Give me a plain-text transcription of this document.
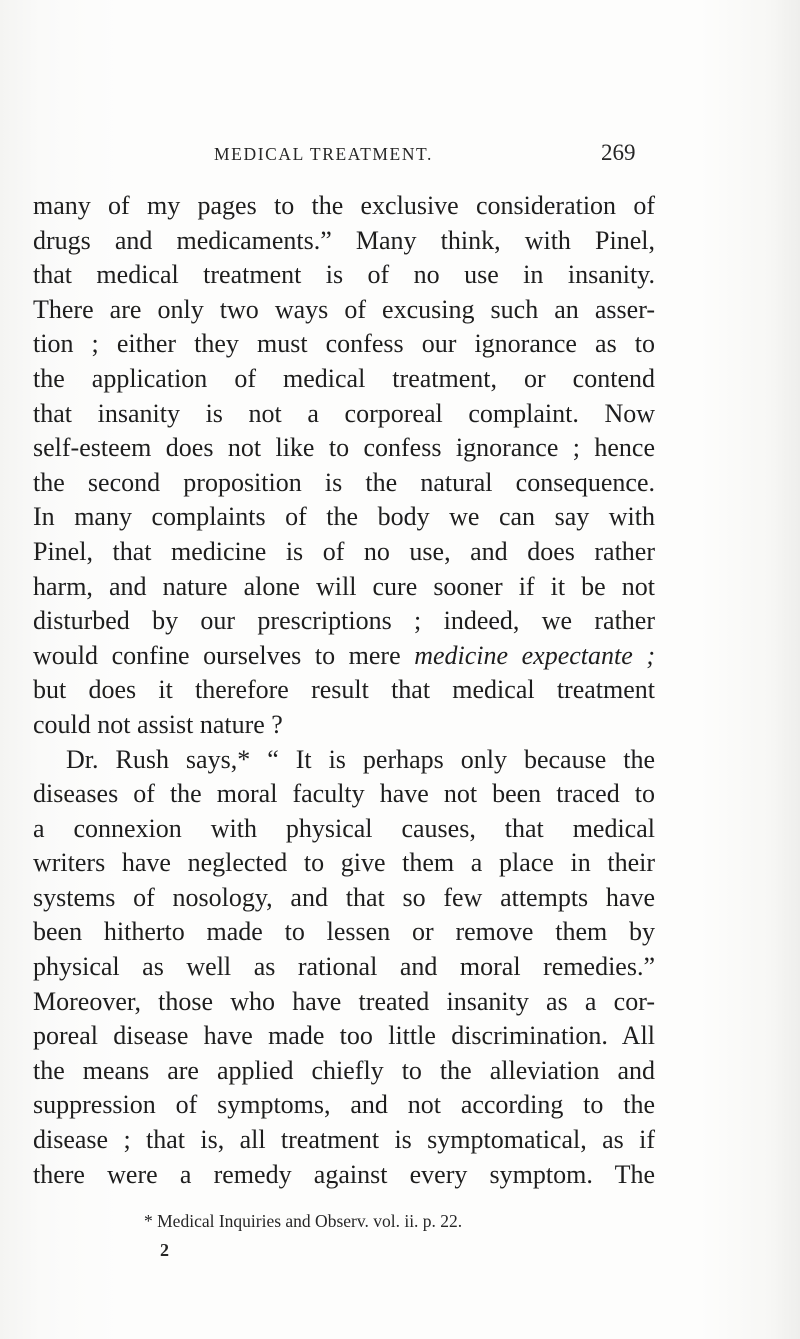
MEDICAL TREATMENT.	269
many of my pages to the exclusive consideration of
drugs and medicaments.” Many think, with Pinel,
that medical treatment is of no use in insanity.
There are only two ways of excusing such an asser-
tion ; either they must confess our ignorance as to
the application of medical treatment, or contend
that insanity is not a corporeal complaint. Now
self-esteem does not like to confess ignorance ; hence
the second proposition is the natural consequence.
In many complaints of the body we can say with
Pinel, that medicine is of no use, and does rather
harm, and nature alone will cure sooner if it be not
disturbed by our prescriptions ; indeed, we rather
would confine ourselves to mere medicine expectante ;
but does it therefore result that medical treatment
could not assist nature ?
Dr. Rush says,* “ It is perhaps only because the
diseases of the moral faculty have not been traced to
a connexion with physical causes, that medical
writers have neglected to give them a place in their
systems of nosology, and that so few attempts have
been hitherto made to lessen or remove them by
physical as well as rational and moral remedies.”
Moreover, those who have treated insanity as a cor-
poreal disease have made too little discrimination. All
the means are applied chiefly to the alleviation and
suppression of symptoms, and not according to the
disease ; that is, all treatment is symptomatical, as if
there were a remedy against every symptom. The
* Medical Inquiries and Observ. vol. ii. p. 22.
2
